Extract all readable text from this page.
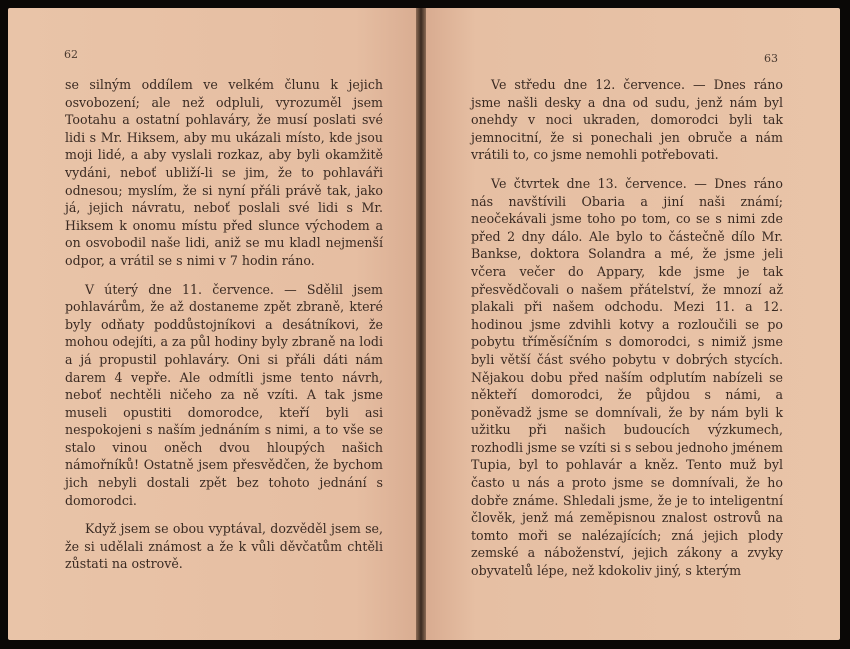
62

se silným oddílem ve velkém člunu k jejich osvobození; ale než odpluli, vyrozuměl jsem Tootahu a ostatní pohlaváry, že musí poslati své lidi s Mr. Hiksem, aby mu ukázali místo, kde jsou moji lidé, a aby vyslali rozkaz, aby byli okamžitě vydáni, neboť ubliží-li se jim, že to pohlaváři odnesou; myslím, že si nyní přáli právě tak, jako já, jejich návratu, neboť poslali své lidi s Mr. Hiksem k onomu místu před slunce východem a on osvobodil naše lidi, aniž se mu kladl nejmenší odpor, a vrátil se s nimi v 7 hodin ráno.

V úterý dne 11. července. — Sdělil jsem pohlavárům, že až dostaneme zpět zbraně, které byly odňaty poddůstojníkovi a desátníkovi, že mohou odejíti, a za půl hodiny byly zbraně na lodi a já propustil pohlaváry. Oni si přáli dáti nám darem 4 vepře. Ale odmítli jsme tento návrh, neboť nechtěli ničeho za ně vzíti. A tak jsme museli opustiti domorodce, kteří byli asi nespokojeni s naším jednáním s nimi, a to vše se stalo vinou oněch dvou hloupých našich námořníků! Ostatně jsem přesvědčen, že bychom jich nebyli dostali zpět bez tohoto jednání s domorodci.

Když jsem se obou vyptával, dozvěděl jsem se, že si udělali známost a že k vůli děvčatům chtěli zůstati na ostrově.

63

Ve středu dne 12. července. — Dnes ráno jsme našli desky a dna od sudu, jenž nám byl onehdy v noci ukraden, domorodci byli tak jemnocitní, že si ponechali jen obruče a nám vrátili to, co jsme nemohli potřebovati.

Ve čtvrtek dne 13. července. — Dnes ráno nás navštívili Obaria a jiní naši známí; neočekávali jsme toho po tom, co se s nimi zde před 2 dny dálo. Ale bylo to částečně dílo Mr. Bankse, doktora Solandra a mé, že jsme jeli včera večer do Appary, kde jsme je tak přesvědčovali o našem přátelství, že mnozí až plakali při našem odchodu. Mezi 11. a 12. hodinou jsme zdvihli kotvy a rozloučili se po pobytu tříměsíčním s domorodci, s nimiž jsme byli větší část svého pobytu v dobrých stycích. Nějakou dobu před naším odplutím nabízeli se někteří domorodci, že půjdou s námi, a poněvadž jsme se domnívali, že by nám byli k užitku při našich budoucích výzkumech, rozhodli jsme se vzíti si s sebou jednoho jménem Tupia, byl to pohlavár a kněz. Tento muž byl často u nás a proto jsme se domnívali, že ho dobře známe. Shledali jsme, že je to inteligentní člověk, jenž má zeměpisnou znalost ostrovů na tomto moři se nalézajících; zná jejich plody zemské a náboženství, jejich zákony a zvyky obyvatelů lépe, než kdokoliv jiný, s kterým
